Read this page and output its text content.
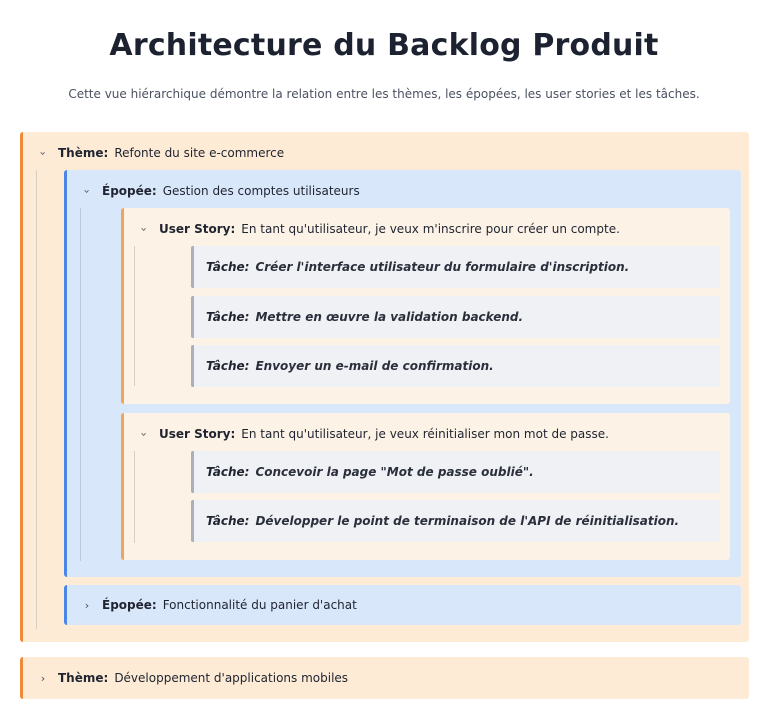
Architecture du Backlog Produit
Cette vue hiérarchique démontre la relation entre les thèmes, les épopées, les user stories et les tâches.
› Thème: Refonte du site e-commerce
› Épopée: Gestion des comptes utilisateurs
› User Story: En tant qu'utilisateur, je veux m'inscrire pour créer un compte.
Tâche: Créer l'interface utilisateur du formulaire d'inscription.
Tâche: Mettre en œuvre la validation backend.
Tâche: Envoyer un e-mail de confirmation.
› User Story: En tant qu'utilisateur, je veux réinitialiser mon mot de passe.
Tâche: Concevoir la page "Mot de passe oublié".
Tâche: Développer le point de terminaison de l'API de réinitialisation.
›	Épopée: Fonctionnalité du panier d'achat
›	Thème: Développement d'applications mobiles
